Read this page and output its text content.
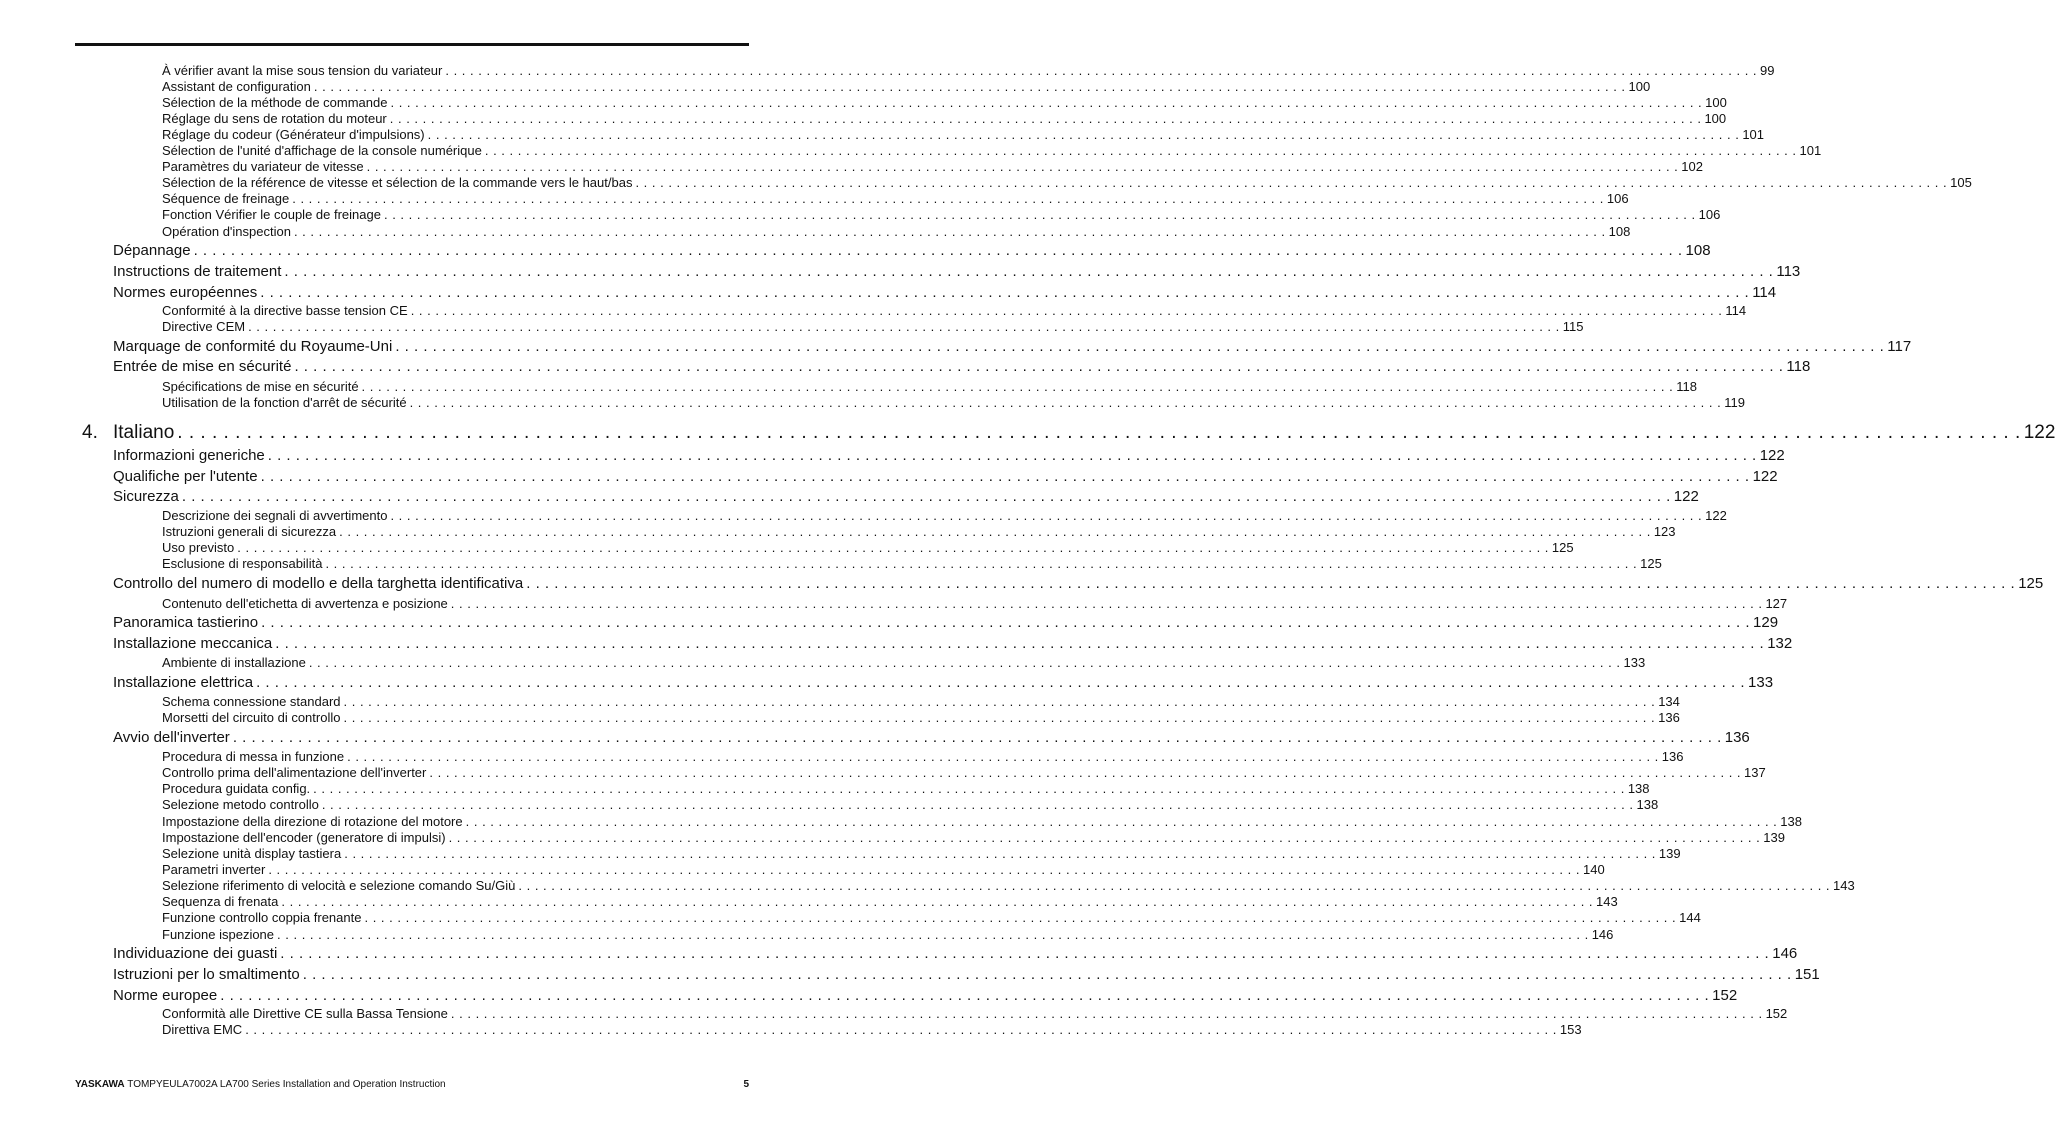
À vérifier avant la mise sous tension du variateur . . . . . . . . . . . . . . . . . . . . . . . . . . . . . . . . . . . . . . . . . . . . . . . . . . . . . . . . . . . . . . . . . . . . . . . . . . . . . . . . . . . . . . . . . . . . . . . . . . . . . . . . . . . . . . . . . . . . . . . . . . . . . . . . . . . . . . . . . . . . . . . . . . . . . . . . . . . . . . . . 99
Assistant de configuration . . . . . . . . . . . . . . . . . . . . . . . . . . . . . . . . . . . . . . . . . . . . . . . . . . . . . . . . . . . . . . . . . . . . . . . . . . . . . . . . . . . . . . . . . . . . . . . . . . . . . . . . . . . . . . . . . . . . . . . . . . . . . . . . . . . . . . . . . . . . . . . . . . . . . . . . . . . . . . . . 100
Sélection de la méthode de commande . . . . . . . . . . . . . . . . . . . . . . . . . . . . . . . . . . . . . . . . . . . . . . . . . . . . . . . . . . . . . . . . . . . . . . . . . . . . . . . . . . . . . . . . . . . . . . . . . . . . . . . . . . . . . . . . . . . . . . . . . . . . . . . . . . . . . . . . . . . . . . . . . . . . . . . . . . . . . . . . 100
Réglage du sens de rotation du moteur . . . . . . . . . . . . . . . . . . . . . . . . . . . . . . . . . . . . . . . . . . . . . . . . . . . . . . . . . . . . . . . . . . . . . . . . . . . . . . . . . . . . . . . . . . . . . . . . . . . . . . . . . . . . . . . . . . . . . . . . . . . . . . . . . . . . . . . . . . . . . . . . . . . . . . . . . . . . . . . . 100
Réglage du codeur (Générateur d'impulsions) . . . . . . . . . . . . . . . . . . . . . . . . . . . . . . . . . . . . . . . . . . . . . . . . . . . . . . . . . . . . . . . . . . . . . . . . . . . . . . . . . . . . . . . . . . . . . . . . . . . . . . . . . . . . . . . . . . . . . . . . . . . . . . . . . . . . . . . . . . . . . . . . . . . . . . . . . . . . . . . . 101
Sélection de l'unité d'affichage de la console numérique . . . . . . . . . . . . . . . . . . . . . . . . . . . . . . . . . . . . . . . . . . . . . . . . . . . . . . . . . . . . . . . . . . . . . . . . . . . . . . . . . . . . . . . . . . . . . . . . . . . . . . . . . . . . . . . . . . . . . . . . . . . . . . . . . . . . . . . . . . . . . . . . . . . . . . . . . . . . . . . . 101
Paramètres du variateur de vitesse . . . . . . . . . . . . . . . . . . . . . . . . . . . . . . . . . . . . . . . . . . . . . . . . . . . . . . . . . . . . . . . . . . . . . . . . . . . . . . . . . . . . . . . . . . . . . . . . . . . . . . . . . . . . . . . . . . . . . . . . . . . . . . . . . . . . . . . . . . . . . . . . . . . . . . . . . . . . . . . . 102
Sélection de la référence de vitesse et sélection de la commande vers le haut/bas . . . . . . . . . . . . . . . . . . . . . . . . . . . . . . . . . . . . . . . . . . . . . . . . . . . . . . . . . . . . . . . . . . . . . . . . . . . . . . . . . . . . . . . . . . . . . . . . . . . . . . . . . . . . . . . . . . . . . . . . . . . . . . . . . . . . . . . . . . . . . . . . . . . . . . . . . . . . . . . . 105
Séquence de freinage . . . . . . . . . . . . . . . . . . . . . . . . . . . . . . . . . . . . . . . . . . . . . . . . . . . . . . . . . . . . . . . . . . . . . . . . . . . . . . . . . . . . . . . . . . . . . . . . . . . . . . . . . . . . . . . . . . . . . . . . . . . . . . . . . . . . . . . . . . . . . . . . . . . . . . . . . . . . . . . . 106
Fonction Vérifier le couple de freinage . . . . . . . . . . . . . . . . . . . . . . . . . . . . . . . . . . . . . . . . . . . . . . . . . . . . . . . . . . . . . . . . . . . . . . . . . . . . . . . . . . . . . . . . . . . . . . . . . . . . . . . . . . . . . . . . . . . . . . . . . . . . . . . . . . . . . . . . . . . . . . . . . . . . . . . . . . . . . . . . 106
Opération d'inspection . . . . . . . . . . . . . . . . . . . . . . . . . . . . . . . . . . . . . . . . . . . . . . . . . . . . . . . . . . . . . . . . . . . . . . . . . . . . . . . . . . . . . . . . . . . . . . . . . . . . . . . . . . . . . . . . . . . . . . . . . . . . . . . . . . . . . . . . . . . . . . . . . . . . . . . . . . . . . . . . 108
Dépannage . . . . . . . . . . . . . . . . . . . . . . . . . . . . . . . . . . . . . . . . . . . . . . . . . . . . . . . . . . . . . . . . . . . . . . . . . . . . . . . . . . . . . . . . . . . . . . . . . . . . . . . . . . . . . . . . . . . . . . . . . . . . . . . . . . . . . . . . . . . . . . . . . . . . . . . . . . . . . . . . 108
Instructions de traitement . . . . . . . . . . . . . . . . . . . . . . . . . . . . . . . . . . . . . . . . . . . . . . . . . . . . . . . . . . . . . . . . . . . . . . . . . . . . . . . . . . . . . . . . . . . . . . . . . . . . . . . . . . . . . . . . . . . . . . . . . . . . . . . . . . . . . . . . . . . . . . . . . . . . . . . . . . . . . . . . 113
Normes européennes . . . . . . . . . . . . . . . . . . . . . . . . . . . . . . . . . . . . . . . . . . . . . . . . . . . . . . . . . . . . . . . . . . . . . . . . . . . . . . . . . . . . . . . . . . . . . . . . . . . . . . . . . . . . . . . . . . . . . . . . . . . . . . . . . . . . . . . . . . . . . . . . . . . . . . . . . . . . . . . . 114
Conformité à la directive basse tension CE . . . . . . . . . . . . . . . . . . . . . . . . . . . . . . . . . . . . . . . . . . . . . . . . . . . . . . . . . . . . . . . . . . . . . . . . . . . . . . . . . . . . . . . . . . . . . . . . . . . . . . . . . . . . . . . . . . . . . . . . . . . . . . . . . . . . . . . . . . . . . . . . . . . . . . . . . . . . . . . . 114
Directive CEM . . . . . . . . . . . . . . . . . . . . . . . . . . . . . . . . . . . . . . . . . . . . . . . . . . . . . . . . . . . . . . . . . . . . . . . . . . . . . . . . . . . . . . . . . . . . . . . . . . . . . . . . . . . . . . . . . . . . . . . . . . . . . . . . . . . . . . . . . . . . . . . . . . . . . . . . . . . . . . . . 115
Marquage de conformité du Royaume-Uni . . . . . . . . . . . . . . . . . . . . . . . . . . . . . . . . . . . . . . . . . . . . . . . . . . . . . . . . . . . . . . . . . . . . . . . . . . . . . . . . . . . . . . . . . . . . . . . . . . . . . . . . . . . . . . . . . . . . . . . . . . . . . . . . . . . . . . . . . . . . . . . . . . . . . . . . . . . . . . . . 117
Entrée de mise en sécurité . . . . . . . . . . . . . . . . . . . . . . . . . . . . . . . . . . . . . . . . . . . . . . . . . . . . . . . . . . . . . . . . . . . . . . . . . . . . . . . . . . . . . . . . . . . . . . . . . . . . . . . . . . . . . . . . . . . . . . . . . . . . . . . . . . . . . . . . . . . . . . . . . . . . . . . . . . . . . . . . 118
Spécifications de mise en sécurité . . . . . . . . . . . . . . . . . . . . . . . . . . . . . . . . . . . . . . . . . . . . . . . . . . . . . . . . . . . . . . . . . . . . . . . . . . . . . . . . . . . . . . . . . . . . . . . . . . . . . . . . . . . . . . . . . . . . . . . . . . . . . . . . . . . . . . . . . . . . . . . . . . . . . . . . . . . . . . . . 118
Utilisation de la fonction d'arrêt de sécurité . . . . . . . . . . . . . . . . . . . . . . . . . . . . . . . . . . . . . . . . . . . . . . . . . . . . . . . . . . . . . . . . . . . . . . . . . . . . . . . . . . . . . . . . . . . . . . . . . . . . . . . . . . . . . . . . . . . . . . . . . . . . . . . . . . . . . . . . . . . . . . . . . . . . . . . . . . . . . . . . 119
4. Italiano . . . . . . . . . . . . . . . . . . . . . . . . . . . . . . . . . . . . . . . . . . . . . . . . . . . . . . . . . . . . . . . . . . . . . . . . . . . . . . . . . . . . . . . . . . . . . . . . . . . . . . . . . . . . . . . . . . . . . . . . . . . . . . . . . . . . . . . . . . . . . . . . . . . . . . . . . . . . . . . . 122
Informazioni generiche . . . . . . . . . . . . . . . . . . . . . . . . . . . . . . . . . . . . . . . . . . . . . . . . . . . . . . . . . . . . . . . . . . . . . . . . . . . . . . . . . . . . . . . . . . . . . . . . . . . . . . . . . . . . . . . . . . . . . . . . . . . . . . . . . . . . . . . . . . . . . . . . . . . . . . . . . . . . . . . . 122
Qualifiche per l'utente . . . . . . . . . . . . . . . . . . . . . . . . . . . . . . . . . . . . . . . . . . . . . . . . . . . . . . . . . . . . . . . . . . . . . . . . . . . . . . . . . . . . . . . . . . . . . . . . . . . . . . . . . . . . . . . . . . . . . . . . . . . . . . . . . . . . . . . . . . . . . . . . . . . . . . . . . . . . . . . . 122
Sicurezza . . . . . . . . . . . . . . . . . . . . . . . . . . . . . . . . . . . . . . . . . . . . . . . . . . . . . . . . . . . . . . . . . . . . . . . . . . . . . . . . . . . . . . . . . . . . . . . . . . . . . . . . . . . . . . . . . . . . . . . . . . . . . . . . . . . . . . . . . . . . . . . . . . . . . . . . . . . . . . . . 122
Descrizione dei segnali di avvertimento . . . . . . . . . . . . . . . . . . . . . . . . . . . . . . . . . . . . . . . . . . . . . . . . . . . . . . . . . . . . . . . . . . . . . . . . . . . . . . . . . . . . . . . . . . . . . . . . . . . . . . . . . . . . . . . . . . . . . . . . . . . . . . . . . . . . . . . . . . . . . . . . . . . . . . . . . . . . . . . . 122
Istruzioni generali di sicurezza . . . . . . . . . . . . . . . . . . . . . . . . . . . . . . . . . . . . . . . . . . . . . . . . . . . . . . . . . . . . . . . . . . . . . . . . . . . . . . . . . . . . . . . . . . . . . . . . . . . . . . . . . . . . . . . . . . . . . . . . . . . . . . . . . . . . . . . . . . . . . . . . . . . . . . . . . . . . . . . . 123
Uso previsto . . . . . . . . . . . . . . . . . . . . . . . . . . . . . . . . . . . . . . . . . . . . . . . . . . . . . . . . . . . . . . . . . . . . . . . . . . . . . . . . . . . . . . . . . . . . . . . . . . . . . . . . . . . . . . . . . . . . . . . . . . . . . . . . . . . . . . . . . . . . . . . . . . . . . . . . . . . . . . . . 125
Esclusione di responsabilità . . . . . . . . . . . . . . . . . . . . . . . . . . . . . . . . . . . . . . . . . . . . . . . . . . . . . . . . . . . . . . . . . . . . . . . . . . . . . . . . . . . . . . . . . . . . . . . . . . . . . . . . . . . . . . . . . . . . . . . . . . . . . . . . . . . . . . . . . . . . . . . . . . . . . . . . . . . . . . . . 125
Controllo del numero di modello e della targhetta identificativa . . . . . . . . . . . . . . . . . . . . . . . . . . . . . . . . . . . . . . . . . . . . . . . . . . . . . . . . . . . . . . . . . . . . . . . . . . . . . . . . . . . . . . . . . . . . . . . . . . . . . . . . . . . . . . . . . . . . . . . . . . . . . . . . . . . . . . . . . . . . . . . . . . . . . . . . . . . . . . . . 125
Contenuto dell'etichetta di avvertenza e posizione . . . . . . . . . . . . . . . . . . . . . . . . . . . . . . . . . . . . . . . . . . . . . . . . . . . . . . . . . . . . . . . . . . . . . . . . . . . . . . . . . . . . . . . . . . . . . . . . . . . . . . . . . . . . . . . . . . . . . . . . . . . . . . . . . . . . . . . . . . . . . . . . . . . . . . . . . . . . . . . . 127
Panoramica tastierino . . . . . . . . . . . . . . . . . . . . . . . . . . . . . . . . . . . . . . . . . . . . . . . . . . . . . . . . . . . . . . . . . . . . . . . . . . . . . . . . . . . . . . . . . . . . . . . . . . . . . . . . . . . . . . . . . . . . . . . . . . . . . . . . . . . . . . . . . . . . . . . . . . . . . . . . . . . . . . . . 129
Installazione meccanica . . . . . . . . . . . . . . . . . . . . . . . . . . . . . . . . . . . . . . . . . . . . . . . . . . . . . . . . . . . . . . . . . . . . . . . . . . . . . . . . . . . . . . . . . . . . . . . . . . . . . . . . . . . . . . . . . . . . . . . . . . . . . . . . . . . . . . . . . . . . . . . . . . . . . . . . . . . . . . . . 132
Ambiente di installazione . . . . . . . . . . . . . . . . . . . . . . . . . . . . . . . . . . . . . . . . . . . . . . . . . . . . . . . . . . . . . . . . . . . . . . . . . . . . . . . . . . . . . . . . . . . . . . . . . . . . . . . . . . . . . . . . . . . . . . . . . . . . . . . . . . . . . . . . . . . . . . . . . . . . . . . . . . . . . . . . 133
Installazione elettrica . . . . . . . . . . . . . . . . . . . . . . . . . . . . . . . . . . . . . . . . . . . . . . . . . . . . . . . . . . . . . . . . . . . . . . . . . . . . . . . . . . . . . . . . . . . . . . . . . . . . . . . . . . . . . . . . . . . . . . . . . . . . . . . . . . . . . . . . . . . . . . . . . . . . . . . . . . . . . . . . 133
Schema connessione standard . . . . . . . . . . . . . . . . . . . . . . . . . . . . . . . . . . . . . . . . . . . . . . . . . . . . . . . . . . . . . . . . . . . . . . . . . . . . . . . . . . . . . . . . . . . . . . . . . . . . . . . . . . . . . . . . . . . . . . . . . . . . . . . . . . . . . . . . . . . . . . . . . . . . . . . . . . . . . . . . 134
Morsetti del circuito di controllo . . . . . . . . . . . . . . . . . . . . . . . . . . . . . . . . . . . . . . . . . . . . . . . . . . . . . . . . . . . . . . . . . . . . . . . . . . . . . . . . . . . . . . . . . . . . . . . . . . . . . . . . . . . . . . . . . . . . . . . . . . . . . . . . . . . . . . . . . . . . . . . . . . . . . . . . . . . . . . . . 136
Avvio dell'inverter . . . . . . . . . . . . . . . . . . . . . . . . . . . . . . . . . . . . . . . . . . . . . . . . . . . . . . . . . . . . . . . . . . . . . . . . . . . . . . . . . . . . . . . . . . . . . . . . . . . . . . . . . . . . . . . . . . . . . . . . . . . . . . . . . . . . . . . . . . . . . . . . . . . . . . . . . . . . . . . . 136
Procedura di messa in funzione . . . . . . . . . . . . . . . . . . . . . . . . . . . . . . . . . . . . . . . . . . . . . . . . . . . . . . . . . . . . . . . . . . . . . . . . . . . . . . . . . . . . . . . . . . . . . . . . . . . . . . . . . . . . . . . . . . . . . . . . . . . . . . . . . . . . . . . . . . . . . . . . . . . . . . . . . . . . . . . . 136
Controllo prima dell'alimentazione dell'inverter . . . . . . . . . . . . . . . . . . . . . . . . . . . . . . . . . . . . . . . . . . . . . . . . . . . . . . . . . . . . . . . . . . . . . . . . . . . . . . . . . . . . . . . . . . . . . . . . . . . . . . . . . . . . . . . . . . . . . . . . . . . . . . . . . . . . . . . . . . . . . . . . . . . . . . . . . . . . . . . . 137
Procedura guidata config. . . . . . . . . . . . . . . . . . . . . . . . . . . . . . . . . . . . . . . . . . . . . . . . . . . . . . . . . . . . . . . . . . . . . . . . . . . . . . . . . . . . . . . . . . . . . . . . . . . . . . . . . . . . . . . . . . . . . . . . . . . . . . . . . . . . . . . . . . . . . . . . . . . . . . . . . . . . . . . . . 138
Selezione metodo controllo . . . . . . . . . . . . . . . . . . . . . . . . . . . . . . . . . . . . . . . . . . . . . . . . . . . . . . . . . . . . . . . . . . . . . . . . . . . . . . . . . . . . . . . . . . . . . . . . . . . . . . . . . . . . . . . . . . . . . . . . . . . . . . . . . . . . . . . . . . . . . . . . . . . . . . . . . . . . . . . . 138
Impostazione della direzione di rotazione del motore . . . . . . . . . . . . . . . . . . . . . . . . . . . . . . . . . . . . . . . . . . . . . . . . . . . . . . . . . . . . . . . . . . . . . . . . . . . . . . . . . . . . . . . . . . . . . . . . . . . . . . . . . . . . . . . . . . . . . . . . . . . . . . . . . . . . . . . . . . . . . . . . . . . . . . . . . . . . . . . . 138
Impostazione dell'encoder (generatore di impulsi) . . . . . . . . . . . . . . . . . . . . . . . . . . . . . . . . . . . . . . . . . . . . . . . . . . . . . . . . . . . . . . . . . . . . . . . . . . . . . . . . . . . . . . . . . . . . . . . . . . . . . . . . . . . . . . . . . . . . . . . . . . . . . . . . . . . . . . . . . . . . . . . . . . . . . . . . . . . . . . . . 139
Selezione unità display tastiera . . . . . . . . . . . . . . . . . . . . . . . . . . . . . . . . . . . . . . . . . . . . . . . . . . . . . . . . . . . . . . . . . . . . . . . . . . . . . . . . . . . . . . . . . . . . . . . . . . . . . . . . . . . . . . . . . . . . . . . . . . . . . . . . . . . . . . . . . . . . . . . . . . . . . . . . . . . . . . . . 139
Parametri inverter . . . . . . . . . . . . . . . . . . . . . . . . . . . . . . . . . . . . . . . . . . . . . . . . . . . . . . . . . . . . . . . . . . . . . . . . . . . . . . . . . . . . . . . . . . . . . . . . . . . . . . . . . . . . . . . . . . . . . . . . . . . . . . . . . . . . . . . . . . . . . . . . . . . . . . . . . . . . . . . . 140
Selezione riferimento di velocità e selezione comando Su/Giù . . . . . . . . . . . . . . . . . . . . . . . . . . . . . . . . . . . . . . . . . . . . . . . . . . . . . . . . . . . . . . . . . . . . . . . . . . . . . . . . . . . . . . . . . . . . . . . . . . . . . . . . . . . . . . . . . . . . . . . . . . . . . . . . . . . . . . . . . . . . . . . . . . . . . . . . . . . . . . . . 143
Sequenza di frenata . . . . . . . . . . . . . . . . . . . . . . . . . . . . . . . . . . . . . . . . . . . . . . . . . . . . . . . . . . . . . . . . . . . . . . . . . . . . . . . . . . . . . . . . . . . . . . . . . . . . . . . . . . . . . . . . . . . . . . . . . . . . . . . . . . . . . . . . . . . . . . . . . . . . . . . . . . . . . . . . 143
Funzione controllo coppia frenante . . . . . . . . . . . . . . . . . . . . . . . . . . . . . . . . . . . . . . . . . . . . . . . . . . . . . . . . . . . . . . . . . . . . . . . . . . . . . . . . . . . . . . . . . . . . . . . . . . . . . . . . . . . . . . . . . . . . . . . . . . . . . . . . . . . . . . . . . . . . . . . . . . . . . . . . . . . . . . . . 144
Funzione ispezione . . . . . . . . . . . . . . . . . . . . . . . . . . . . . . . . . . . . . . . . . . . . . . . . . . . . . . . . . . . . . . . . . . . . . . . . . . . . . . . . . . . . . . . . . . . . . . . . . . . . . . . . . . . . . . . . . . . . . . . . . . . . . . . . . . . . . . . . . . . . . . . . . . . . . . . . . . . . . . . . 146
Individuazione dei guasti . . . . . . . . . . . . . . . . . . . . . . . . . . . . . . . . . . . . . . . . . . . . . . . . . . . . . . . . . . . . . . . . . . . . . . . . . . . . . . . . . . . . . . . . . . . . . . . . . . . . . . . . . . . . . . . . . . . . . . . . . . . . . . . . . . . . . . . . . . . . . . . . . . . . . . . . . . . . . . . . 146
Istruzioni per lo smaltimento . . . . . . . . . . . . . . . . . . . . . . . . . . . . . . . . . . . . . . . . . . . . . . . . . . . . . . . . . . . . . . . . . . . . . . . . . . . . . . . . . . . . . . . . . . . . . . . . . . . . . . . . . . . . . . . . . . . . . . . . . . . . . . . . . . . . . . . . . . . . . . . . . . . . . . . . . . . . . . . . 151
Norme europee . . . . . . . . . . . . . . . . . . . . . . . . . . . . . . . . . . . . . . . . . . . . . . . . . . . . . . . . . . . . . . . . . . . . . . . . . . . . . . . . . . . . . . . . . . . . . . . . . . . . . . . . . . . . . . . . . . . . . . . . . . . . . . . . . . . . . . . . . . . . . . . . . . . . . . . . . . . . . . . . 152
Conformità alle Direttive CE sulla Bassa Tensione . . . . . . . . . . . . . . . . . . . . . . . . . . . . . . . . . . . . . . . . . . . . . . . . . . . . . . . . . . . . . . . . . . . . . . . . . . . . . . . . . . . . . . . . . . . . . . . . . . . . . . . . . . . . . . . . . . . . . . . . . . . . . . . . . . . . . . . . . . . . . . . . . . . . . . . . . . . . . . . . 152
Direttiva EMC . . . . . . . . . . . . . . . . . . . . . . . . . . . . . . . . . . . . . . . . . . . . . . . . . . . . . . . . . . . . . . . . . . . . . . . . . . . . . . . . . . . . . . . . . . . . . . . . . . . . . . . . . . . . . . . . . . . . . . . . . . . . . . . . . . . . . . . . . . . . . . . . . . . . . . . . . . . . . . . . 153
YASKAWA TOMPYEULA7002A LA700 Series Installation and Operation Instruction	5
